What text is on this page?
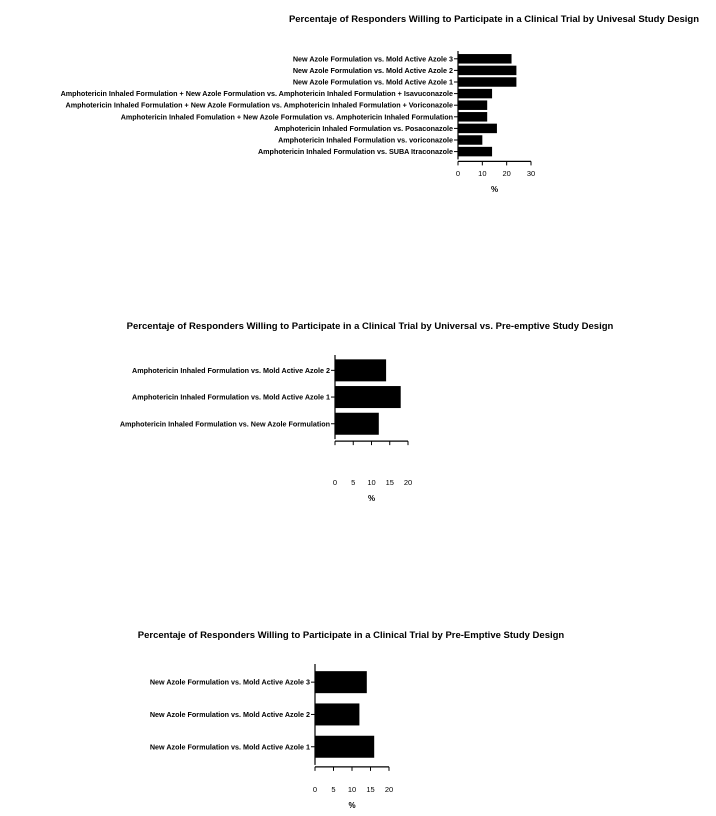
Percentaje of Responders Willing to Participate in a Clinical Trial by Univesal Study Design
New Azole Formulation vs. Mold Active Azole 3
New Azole Formulation vs. Mold Active Azole 2
New Azole Formulation vs. Mold Active Azole 1
Amphotericin Inhaled Formulation + New Azole Formulation vs. Amphotericin Inhaled Formulation + Isavuconazole
Amphotericin Inhaled Formulation + New Azole Formulation vs. Amphotericin Inhaled Formulation + Voriconazole
Amphotericin Inhaled Fomulation + New Azole Formulation vs. Amphotericin Inhaled Formulation
Amphotericin Inhaled Formulation vs. Posaconazole
Amphotericin Inhaled Formulation vs. voriconazole
Amphotericin Inhaled Formulation vs. SUBA Itraconazole
0 10 20 30
%
Percentaje of Responders Willing to Participate in a Clinical Trial by Universal vs. Pre-emptive Study Design
Amphotericin Inhaled Formulation vs. Mold Active Azole 2
Amphotericin Inhaled Formulation vs. Mold Active Azole 1
Amphotericin Inhaled Formulation vs. New Azole Formulation
0 5 10 15 20
%
Percentaje of Responders Willing to Participate in a Clinical Trial by Pre-Emptive Study Design
New Azole Formulation vs. Mold Active Azole 3
New Azole Formulation vs. Mold Active Azole 2
New Azole Formulation vs. Mold Active Azole 1
0 5 10 15 20
%
